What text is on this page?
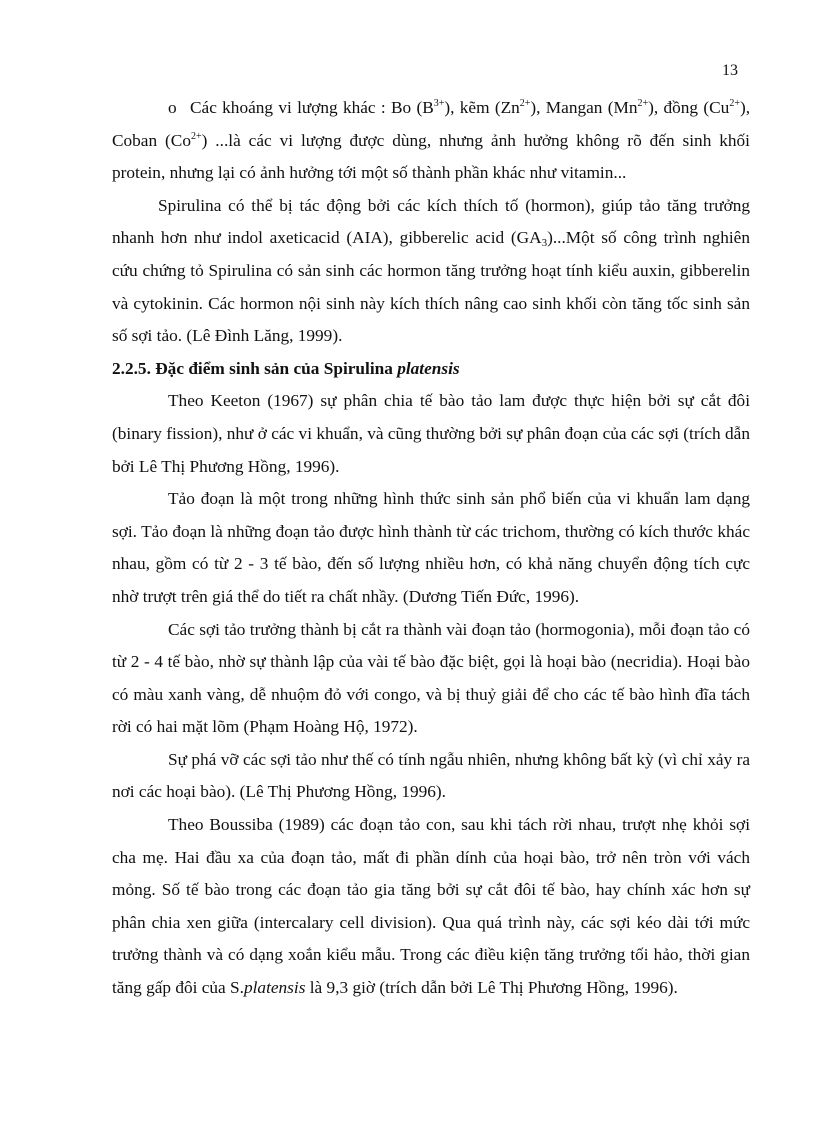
13

o Các khoáng vi lượng khác : Bo $(B^{3+})$, kẽm $(Zn^{2+})$, Mangan $(Mn^{2+})$, đồng $(Cu^{2+})$, Coban $(Co^{2+})$ ...là các vi lượng được dùng, nhưng ảnh hưởng không rõ đến sinh khối protein, nhưng lại có ảnh hưởng tới một số thành phần khác như vitamin...

Spirulina có thể bị tác động bởi các kích thích tố (hormon), giúp tảo tăng trưởng nhanh hơn như indol axeticacid (AIA), gibberelic acid $(GA_3)...Một$ số công trình nghiên cứu chứng tỏ Spirulina có sản sinh các hormon tăng trưởng hoạt tính kiểu auxin, gibberelin và cytokinin. Các hormon nội sinh này kích thích nâng cao sinh khối còn tăng tốc sinh sản số sợi tảo. (Lê Đình Lăng, 1999).

2.2.5. Đặc điểm sinh sản của Spirulina platensis

Theo Keeton (1967) sự phân chia tế bào tảo lam được thực hiện bởi sự cắt đôi (binary fission), như ở các vi khuẩn, và cũng thường bởi sự phân đoạn của các sợi (trích dẫn bởi Lê Thị Phương Hồng, 1996).

Tảo đoạn là một trong những hình thức sinh sản phổ biến của vi khuẩn lam dạng sợi. Tảo đoạn là những đoạn tảo được hình thành từ các trichom, thường có kích thước khác nhau, gồm có từ 2 - 3 tế bào, đến số lượng nhiều hơn, có khả năng chuyển động tích cực nhờ trượt trên giá thể do tiết ra chất nhầy. (Dương Tiến Đức, 1996).

Các sợi tảo trưởng thành bị cắt ra thành vài đoạn tảo (hormogonia), mỗi đoạn tảo có từ 2 - 4 tế bào, nhờ sự thành lập của vài tế bào đặc biệt, gọi là hoại bào (necridia). Hoại bào có màu xanh vàng, dễ nhuộm đỏ với congo, và bị thuỷ giải để cho các tế bào hình đĩa tách rời có hai mặt lõm (Phạm Hoàng Hộ, 1972).

Sự phá vỡ các sợi tảo như thế có tính ngẫu nhiên, nhưng không bất kỳ (vì chỉ xảy ra nơi các hoại bào). (Lê Thị Phương Hồng, 1996).

Theo Boussiba (1989) các đoạn tảo con, sau khi tách rời nhau, trượt nhẹ khỏi sợi cha mẹ. Hai đầu xa của đoạn tảo, mất đi phần dính của hoại bào, trở nên tròn với vách mỏng. Số tế bào trong các đoạn tảo gia tăng bởi sự cắt đôi tế bào, hay chính xác hơn sự phân chia xen giữa (intercalary cell division). Qua quá trình này, các sợi kéo dài tới mức trưởng thành và có dạng xoắn kiểu mẫu. Trong các điều kiện tăng trưởng tối hảo, thời gian tăng gấp đôi của S.platensis là 9,3 giờ (trích dẫn bởi Lê Thị Phương Hồng, 1996).
